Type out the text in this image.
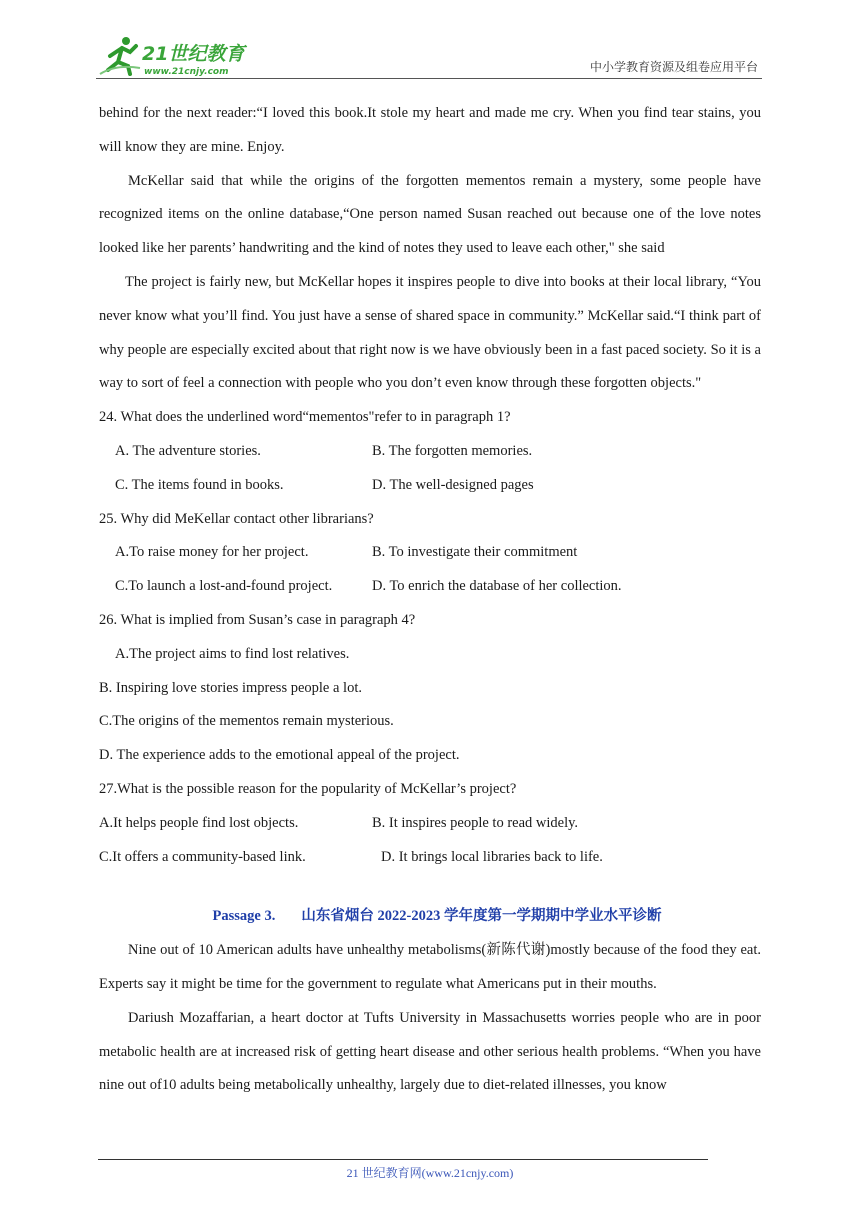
21世纪教育
www.21cnjy.com	中小学教育资源及组卷应用平台

behind for the next reader:“I loved this book.It stole my heart and made me cry. When you find tear stains, you will know they are mine. Enjoy.

McKellar said that while the origins of the forgotten mementos remain a mystery, some people have recognized items on the online database,“One person named Susan reached out because one of the love notes looked like her parents’ handwriting and the kind of notes they used to leave each other," she said

The project is fairly new, but McKellar hopes it inspires people to dive into books at their local library, “You never know what you’ll find. You just have a sense of shared space in community.” McKellar said.“I think part of why people are especially excited about that right now is we have obviously been in a fast paced society. So it is a way to sort of feel a connection with people who you don’t even know through these forgotten objects."

24. What does the underlined word“mementos"refer to in paragraph 1?

A. The adventure stories.	B. The forgotten memories.
C. The items found in books.	D. The well-designed pages

25. Why did MeKellar contact other librarians?

A.To raise money for her project.	B. To investigate their commitment
C.To launch a lost-and-found project.	D. To enrich the database of her collection.

26. What is implied from Susan’s case in paragraph 4?

A.The project aims to find lost relatives.

B. Inspiring love stories impress people a lot.

C.The origins of the mementos remain mysterious.

D. The experience adds to the emotional appeal of the project.

27.What is the possible reason for the popularity of McKellar’s project?

A.It helps people find lost objects.	B. It inspires people to read widely.
C.It offers a community-based link.	D. It brings local libraries back to life.

Passage 3. 山东省烟台 2022-2023 学年度第一学期期中学业水平诊断

Nine out of 10 American adults have unhealthy metabolisms(新陈代谢)mostly because of the food they eat. Experts say it might be time for the government to regulate what Americans put in their mouths.

Dariush Mozaffarian, a heart doctor at Tufts University in Massachusetts worries people who are in poor metabolic health are at increased risk of getting heart disease and other serious health problems. “When you have nine out of10 adults being metabolically unhealthy, largely due to diet-related illnesses, you know

21 世纪教育网(www.21cnjy.com)
